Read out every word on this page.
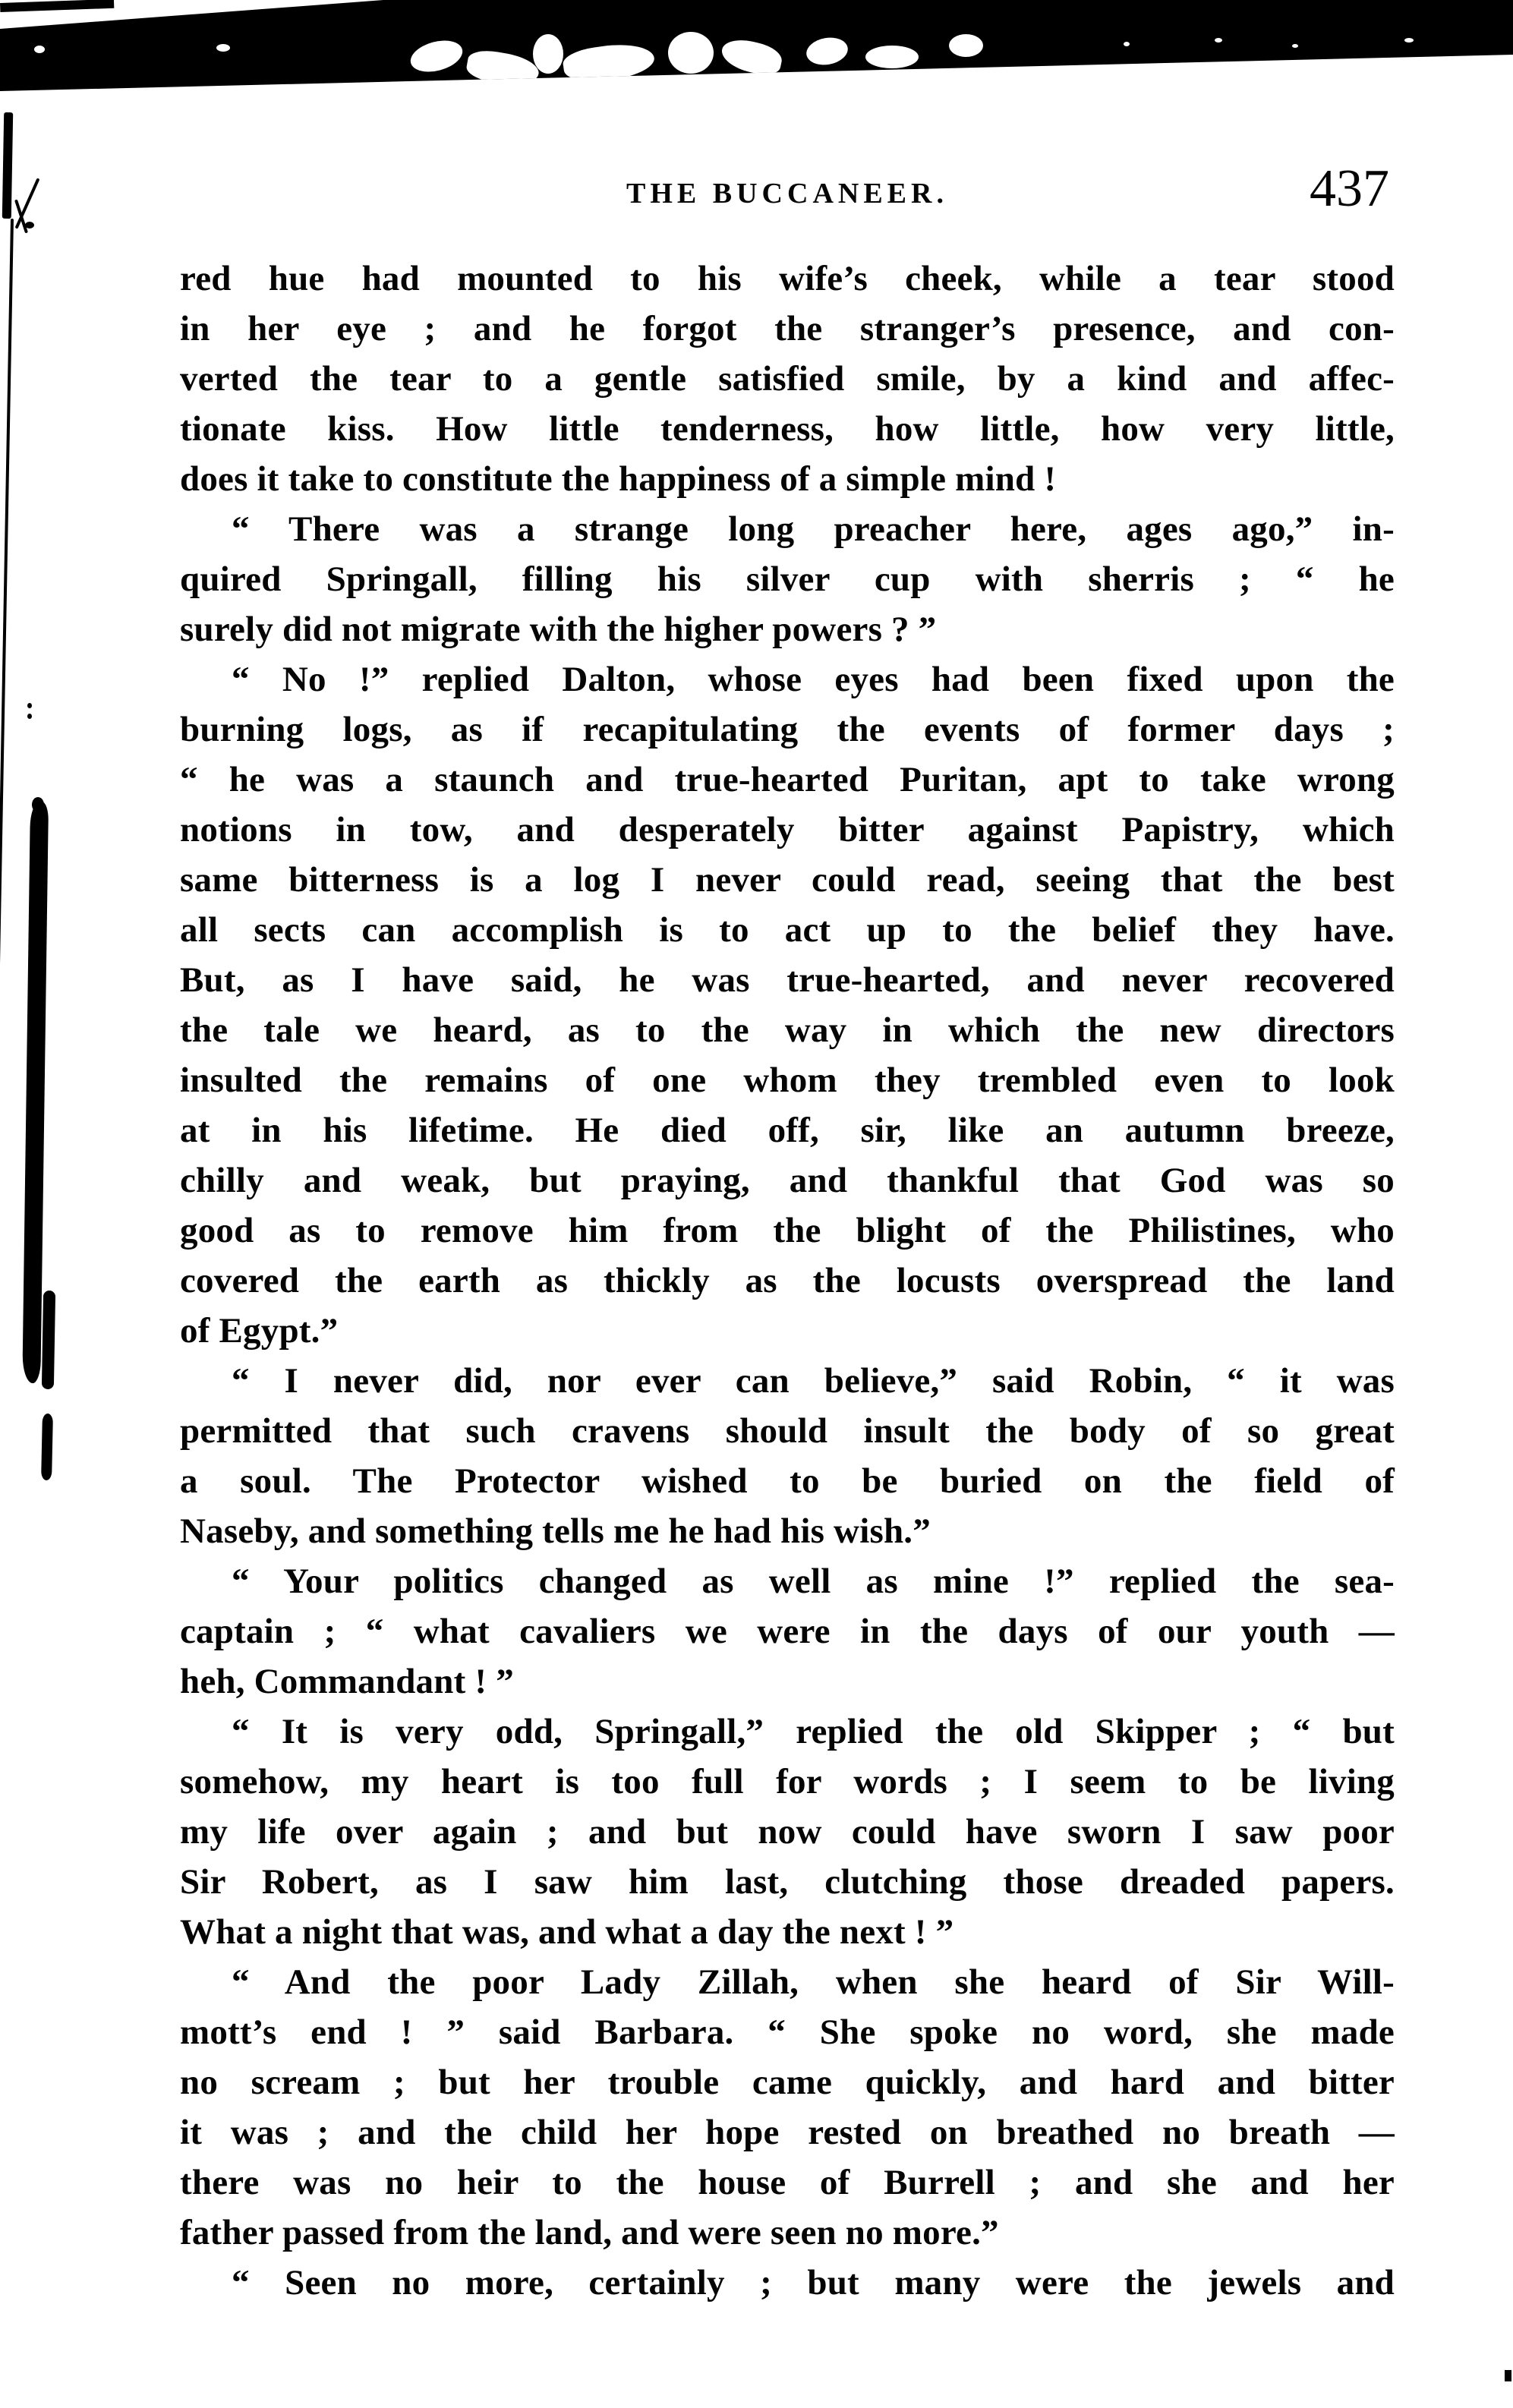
THE BUCCANEER.	437
red hue had mounted to his wife’s cheek, while a tear stood
in her eye ; and he forgot the stranger’s presence, and con-
verted the tear to a gentle satisfied smile, by a kind and affec-
tionate kiss. How little tenderness, how little, how very little,
does it take to constitute the happiness of a simple mind !
“ There was a strange long preacher here, ages ago,” in-
quired Springall, filling his silver cup with sherris ; “ he
surely did not migrate with the higher powers ? ”
“ No !” replied Dalton, whose eyes had been fixed upon the
burning logs, as if recapitulating the events of former days ;
“ he was a staunch and true-hearted Puritan, apt to take wrong
notions in tow, and desperately bitter against Papistry, which
same bitterness is a log I never could read, seeing that the best
all sects can accomplish is to act up to the belief they have.
But, as I have said, he was true-hearted, and never recovered
the tale we heard, as to the way in which the new directors
insulted the remains of one whom they trembled even to look
at in his lifetime. He died off, sir, like an autumn breeze,
chilly and weak, but praying, and thankful that God was so
good as to remove him from the blight of the Philistines, who
covered the earth as thickly as the locusts overspread the land
of Egypt.”
“ I never did, nor ever can believe,” said Robin, “ it was
permitted that such cravens should insult the body of so great
a soul. The Protector wished to be buried on the field of
Naseby, and something tells me he had his wish.”
“ Your politics changed as well as mine !” replied the sea-
captain ; “ what cavaliers we were in the days of our youth —
heh, Commandant ! ”
“ It is very odd, Springall,” replied the old Skipper ; “ but
somehow, my heart is too full for words ; I seem to be living
my life over again ; and but now could have sworn I saw poor
Sir Robert, as I saw him last, clutching those dreaded papers.
What a night that was, and what a day the next ! ”
“ And the poor Lady Zillah, when she heard of Sir Will-
mott’s end ! ” said Barbara. “ She spoke no word, she made
no scream ; but her trouble came quickly, and hard and bitter
it was ; and the child her hope rested on breathed no breath —
there was no heir to the house of Burrell ; and she and her
father passed from the land, and were seen no more.”
“ Seen no more, certainly ; but many were the jewels and
